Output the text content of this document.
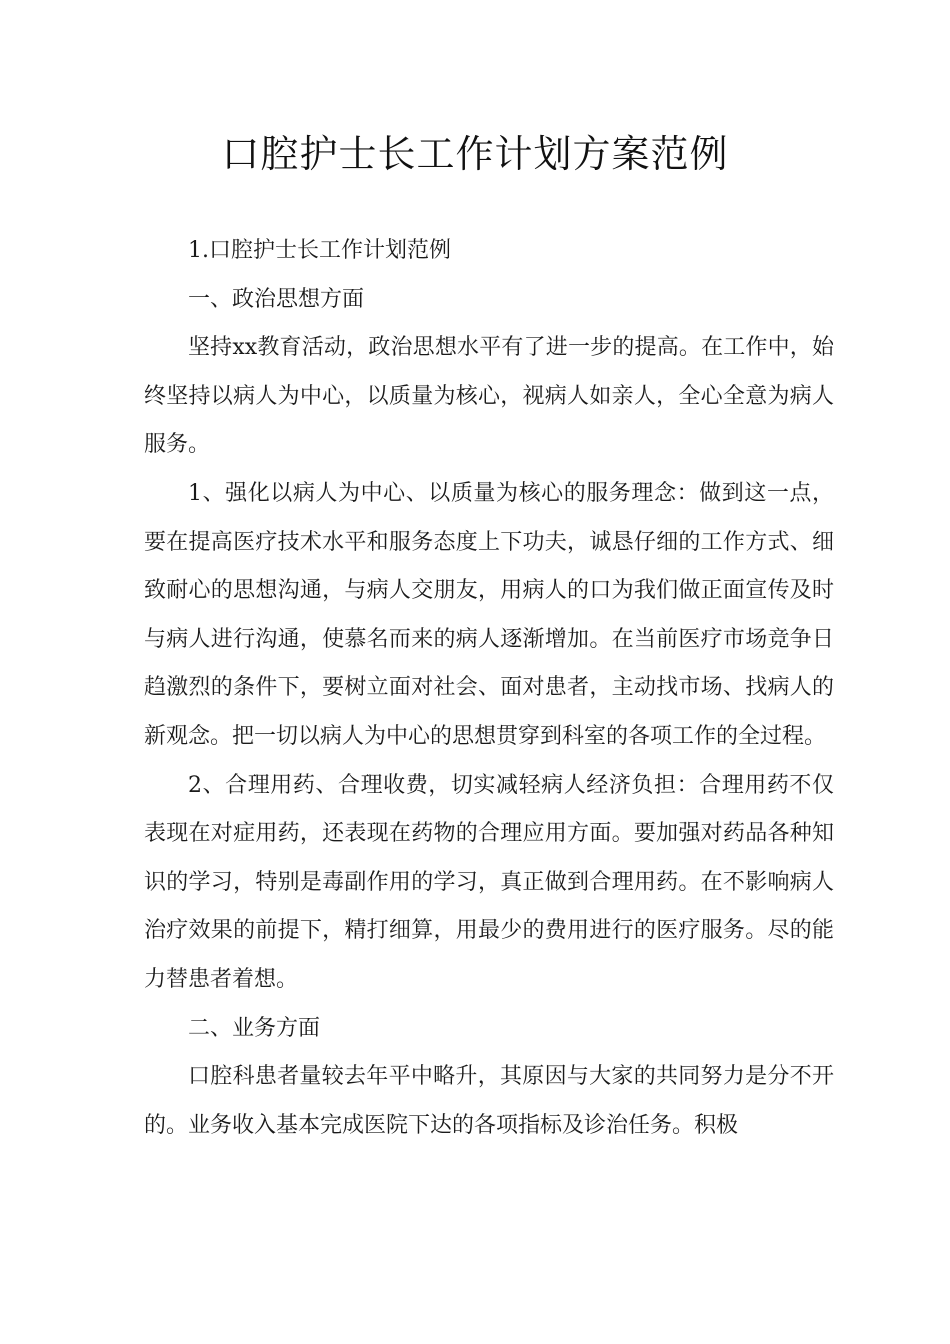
口腔护士长工作计划方案范例

1.口腔护士长工作计划范例

一、政治思想方面

坚持xx教育活动，政治思想水平有了进一步的提高。在工作中，始终坚持以病人为中心，以质量为核心，视病人如亲人，全心全意为病人服务。

1、强化以病人为中心、以质量为核心的服务理念：做到这一点，要在提高医疗技术水平和服务态度上下功夫，诚恳仔细的工作方式、细致耐心的思想沟通，与病人交朋友，用病人的口为我们做正面宣传及时与病人进行沟通，使慕名而来的病人逐渐增加。在当前医疗市场竞争日趋激烈的条件下，要树立面对社会、面对患者，主动找市场、找病人的新观念。把一切以病人为中心的思想贯穿到科室的各项工作的全过程。

2、合理用药、合理收费，切实减轻病人经济负担：合理用药不仅表现在对症用药，还表现在药物的合理应用方面。要加强对药品各种知识的学习，特别是毒副作用的学习，真正做到合理用药。在不影响病人治疗效果的前提下，精打细算，用最少的费用进行的医疗服务。尽的能力替患者着想。

二、业务方面

口腔科患者量较去年平中略升，其原因与大家的共同努力是分不开的。业务收入基本完成医院下达的各项指标及诊治任务。积极
